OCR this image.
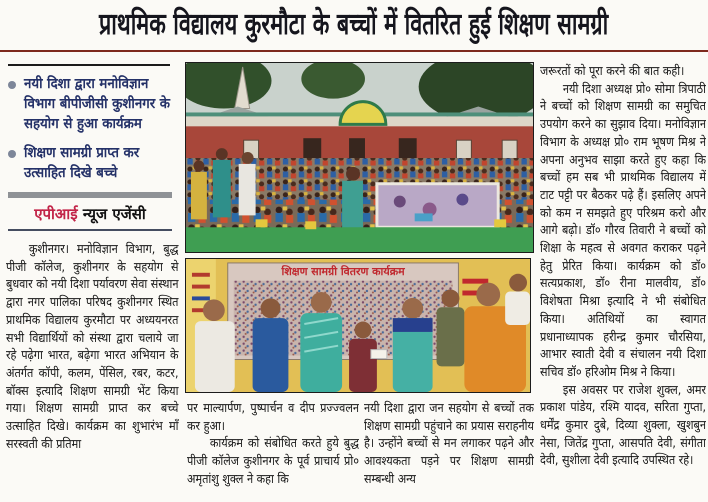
प्राथमिक विद्यालय कुरमौटा के बच्चों में वितरित हुई शिक्षण सामग्री
नयी दिशा द्वारा मनोविज्ञान विभाग बीपीजीसी कुशीनगर के सहयोग से हुआ कार्यक्रम
शिक्षण सामग्री प्राप्त कर उत्साहित दिखे बच्चे
एपीआई न्यूज एजेंसी

कुशीनगर। मनोविज्ञान विभाग, बुद्ध पीजी कॉलेज, कुशीनगर के सहयोग से बुधवार को नयी दिशा पर्यावरण सेवा संस्थान द्वारा नगर पालिका परिषद कुशीनगर स्थित प्राथमिक विद्यालय कुरमौटा पर अध्ययनरत सभी विद्यार्थियों को संस्था द्वारा चलाये जा रहे पढ़ेगा भारत, बढ़ेगा भारत अभियान के अंतर्गत कॉपी, कलम, पेंसिल, रबर, कटर, बॉक्स इत्यादि शिक्षण सामग्री भेंट किया गया। शिक्षण सामग्री प्राप्त कर बच्चे उत्साहित दिखे। कार्यक्रम का शुभारंभ माँ सरस्वती की प्रतिमा

शिक्षण सामग्री वितरण कार्यक्रम

पर माल्यार्पण, पुष्पार्चन व दीप प्रज्ज्वलन कर हुआ।

कार्यक्रम को संबोधित करते हुये बुद्ध पीजी कॉलेज कुशीनगर के पूर्व प्राचार्य प्रो० अमृतांशु शुक्ल ने कहा कि

नयी दिशा द्वारा जन सहयोग से बच्चों तक शिक्षण सामग्री पहुंचाने का प्रयास सराहनीय है। उन्होंने बच्चों से मन लगाकर पढ़ने और आवश्यकता पड़ने पर शिक्षण सामग्री सम्बन्धी अन्य

जरूरतों को पूरा करने की बात कही।

नयी दिशा अध्यक्ष प्रो० सोमा त्रिपाठी ने बच्चों को शिक्षण सामग्री का समुचित उपयोग करने का सुझाव दिया। मनोविज्ञान विभाग के अध्यक्ष प्रो० राम भूषण मिश्र ने अपना अनुभव साझा करते हुए कहा कि बच्चों हम सब भी प्राथमिक विद्यालय में टाट पट्टी पर बैठकर पढ़े हैं। इसलिए अपने को कम न समझते हुए परिश्रम करो और आगे बढ़ो। डॉ० गौरव तिवारी ने बच्चों को शिक्षा के महत्व से अवगत कराकर पढ़ने हेतु प्रेरित किया। कार्यक्रम को डॉ० सत्यप्रकाश, डॉ० रीना मालवीय, डॉ० विशेषता मिश्रा इत्यादि ने भी संबोधित किया। अतिथियों का स्वागत प्रधानाध्यापक हरीन्द्र कुमार चौरसिया, आभार स्वाती देवी व संचालन नयी दिशा सचिव डॉ० हरिओम मिश्र ने किया।

इस अवसर पर राजेश शुक्ल, अमर प्रकाश पांडेय, रश्मि यादव, सरिता गुप्ता, धर्मेंद्र कुमार दुबे, दिव्या शुक्ला, खुशबुन नेसा, जितेंद्र गुप्ता, आसपति देवी, संगीता देवी, सुशीला देवी इत्यादि उपस्थित रहे।
